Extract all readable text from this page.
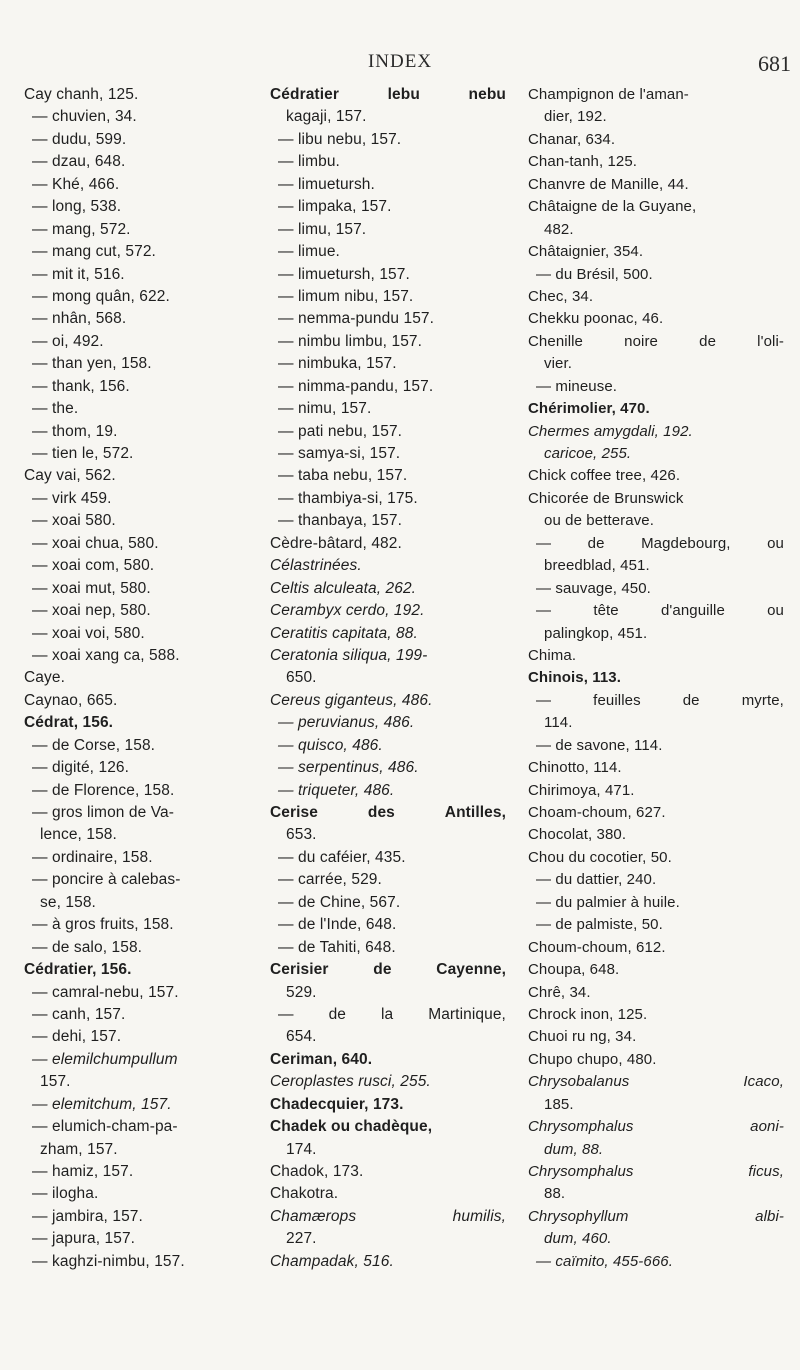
INDEX	681
Cay chanh, 125.
— chuvien, 34.
— dudu, 599.
— dzau, 648.
— Khé, 466.
— long, 538.
— mang, 572.
— mang cut, 572.
— mit it, 516.
— mong quân, 622.
— nhân, 568.
— oi, 492.
— than yen, 158.
— thank, 156.
— the.
— thom, 19.
— tien le, 572.
Cay vai, 562.
— virk 459.
— xoai 580.
— xoai chua, 580.
— xoai com, 580.
— xoai mut, 580.
— xoai nep, 580.
— xoai voi, 580.
— xoai xang ca, 588.
Caye.
Caynao, 665.
Cédrat, 156.
— de Corse, 158.
— digité, 126.
— de Florence, 158.
— gros limon de Va-
lence, 158.
— ordinaire, 158.
— poncire à calebas-
se, 158.
— à gros fruits, 158.
— de salo, 158.
Cédratier, 156.
— camral-nebu, 157.
— canh, 157.
— dehi, 157.
— elemilchumpullum
157.
— elemitchum, 157.
— elumich-cham-pa-
zham, 157.
— hamiz, 157.
— ilogha.
— jambira, 157.
— japura, 157.
— kaghzi-nimbu, 157.
Cédratier	lebu	nebu
kagaji, 157.
— libu nebu, 157.
— limbu.
— limuetursh.
— limpaka, 157.
— limu, 157.
— limue.
— limuetursh, 157.
— limum nibu, 157.
— nemma-pundu 157.
— nimbu limbu, 157.
— nimbuka, 157.
— nimma-pandu, 157.
— nimu, 157.
— pati nebu, 157.
— samya-si, 157.
— taba nebu, 157.
— thambiya-si, 175.
— thanbaya, 157.
Cèdre-bâtard, 482.
Célastrinées.
Celtis alculeata, 262.
Cerambyx cerdo, 192.
Ceratitis capitata, 88.
Ceratonia siliqua, 199-
650.
Cereus giganteus, 486.
— peruvianus, 486.
— quisco, 486.
— serpentinus, 486.
— triqueter, 486.
Cerise	des	Antilles,
653.
— du caféier, 435.
— carrée, 529.
— de Chine, 567.
— de l'Inde, 648.
— de Tahiti, 648.
Cerisier	de	Cayenne,
529.
— de la Martinique,
654.
Ceriman, 640.
Ceroplastes rusci, 255.
Chadecquier, 173.
Chadek ou chadèque,
174.
Chadok, 173.
Chakotra.
Chamærops	humilis,
227.
Champadak, 516.
Champignon de l'aman-
dier, 192.
Chanar, 634.
Chan-tanh, 125.
Chanvre de Manille, 44.
Châtaigne de la Guyane,
482.
Châtaignier, 354.
— du Brésil, 500.
Chec, 34.
Chekku poonac, 46.
Chenille	noire	de	l'oli-
vier.
— mineuse.
Chérimolier, 470.
Chermes amygdali, 192.
caricoe, 255.
Chick coffee tree, 426.
Chicorée de Brunswick
ou de betterave.
— de Magdebourg, ou
breedblad, 451.
— sauvage, 450.
— tête	d'anguille	ou
palingkop, 451.
Chima.
Chinois, 113.
— feuilles	de	myrte,
114.
— de savone, 114.
Chinotto, 114.
Chirimoya, 471.
Choam-choum, 627.
Chocolat, 380.
Chou du cocotier, 50.
— du dattier, 240.
— du palmier à huile.
— de palmiste, 50.
Choum-choum, 612.
Choupa, 648.
Chrê, 34.
Chrock inon, 125.
Chuoi ru ng, 34.
Chupo chupo, 480.
Chrysobalanus	Icaco,
185.
Chrysomphalus	aoni-
dum, 88.
Chrysomphalus	ficus,
88.
Chrysophyllum	albi-
dum, 460.
— caïmito, 455-666.
